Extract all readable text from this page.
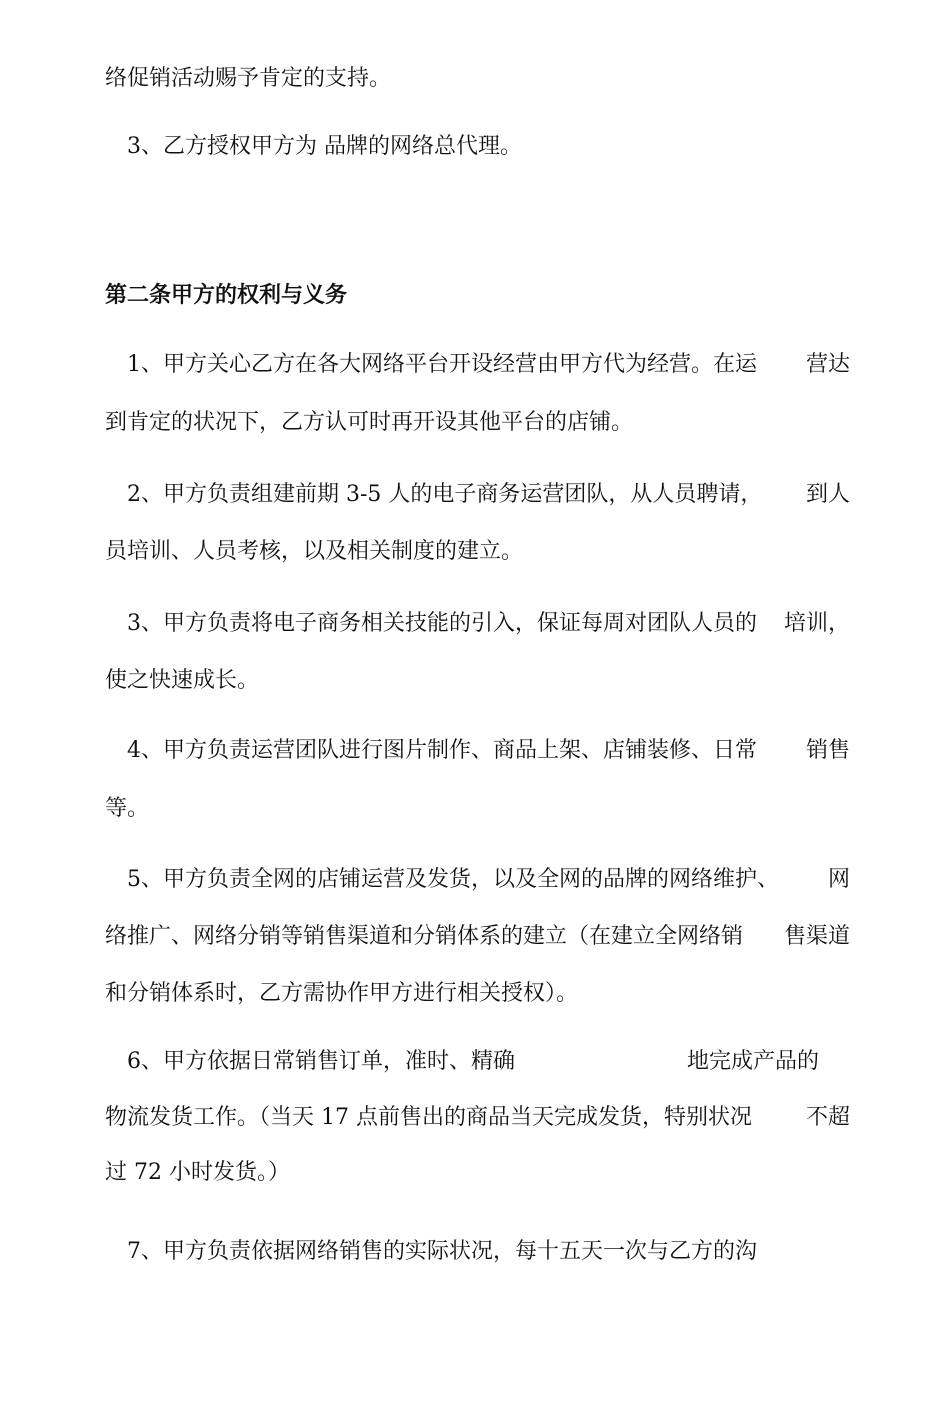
络促销活动赐予肯定的支持。
3、乙方授权甲方为 品牌的网络总代理。
第二条甲方的权利与义务
1、甲方关心乙方在各大网络平台开设经营由甲方代为经营。在运 营达
到肯定的状况下，乙方认可时再开设其他平台的店铺。
2、甲方负责组建前期 3-5 人的电子商务运营团队，从人员聘请， 到人
员培训、人员考核，以及相关制度的建立。
3、甲方负责将电子商务相关技能的引入，保证每周对团队人员的 培训，
使之快速成长。
4、甲方负责运营团队进行图片制作、商品上架、店铺装修、日常 销售
等。
5、甲方负责全网的店铺运营及发货，以及全网的品牌的网络维护、 网
络推广、网络分销等销售渠道和分销体系的建立（在建立全网络销 售渠道
和分销体系时，乙方需协作甲方进行相关授权）。
6、甲方依据日常销售订单，准时、精确	地完成产品的
物流发货工作。（当天 17 点前售出的商品当天完成发货，特别状况 不超
过 72 小时发货。）
7、甲方负责依据网络销售的实际状况，每十五天一次与乙方的沟
